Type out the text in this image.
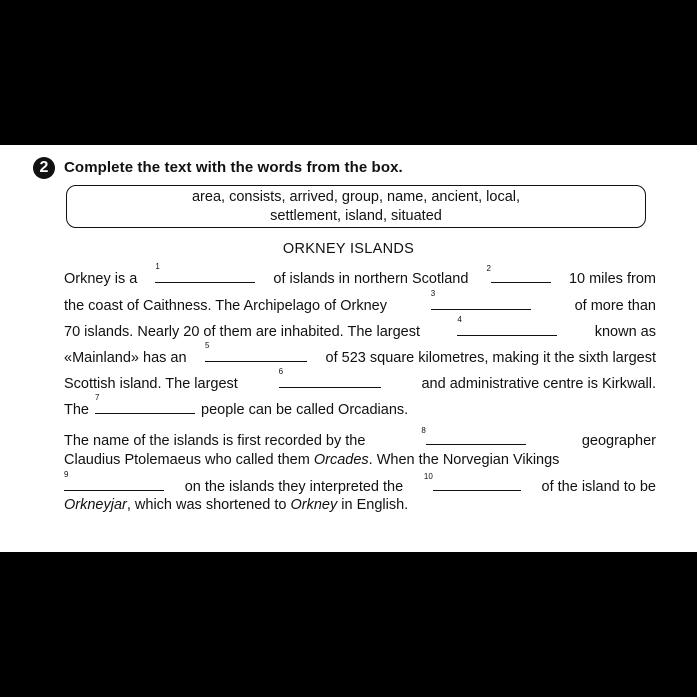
2	Complete the text with the words from the box.
area, consists, arrived, group, name, ancient, local,
settlement, island, situated
ORKNEY ISLANDS
Orkney is a
1
of islands in northern Scotland
$^2$
10 miles from
the coast of Caithness. The Archipelago of Orkney
3
of more than
70 islands. Nearly 20 of them are inhabited. The largest
4
known as
«Mainland» has an
5
of 523 square kilometres, making it the sixth largest
Scottish island. The largest
6
and administrative centre is Kirkwall.
The
7
people can be called Orcadians.
The name of the islands is first recorded by the
$^8$
geographer
Claudius Ptolemaeus who called them Orcades. When the Norvegian Vikings
9
on the islands they interpreted the
$^{10}$
of the island to be
Orkneyjar , which was shortened to
Orkney
in English.
